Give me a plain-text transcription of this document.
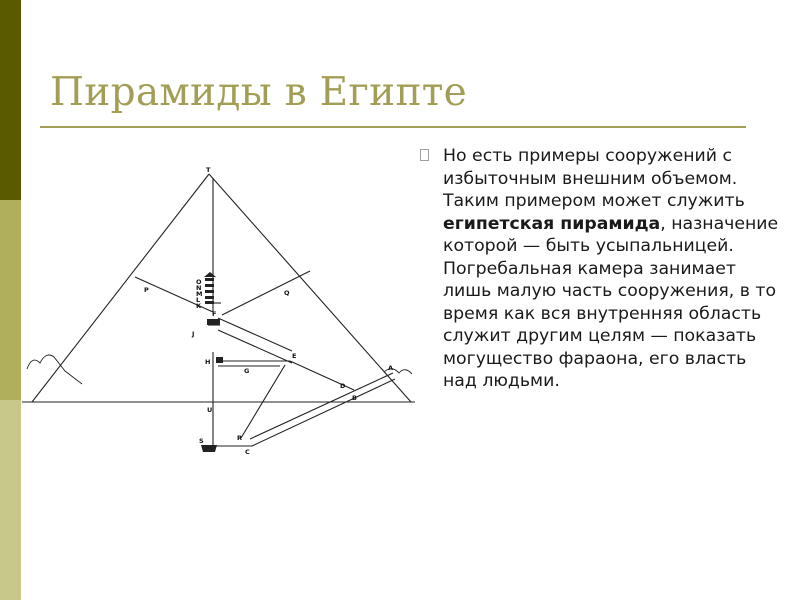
Пирамиды в Египте

Но есть примеры сооружений с избыточным внешним объемом. Таким примером может служить египетская пирамида, назначение которой — быть усыпальницей. Погребальная камера занимает лишь малую часть сооружения, в то время как вся внутренняя область служит другим целям — показать могущество фараона, его власть над людьми.

T
P	Q
O
N
M
L
K
F
J
H
G
E
D
A
B
U
R
S
C
